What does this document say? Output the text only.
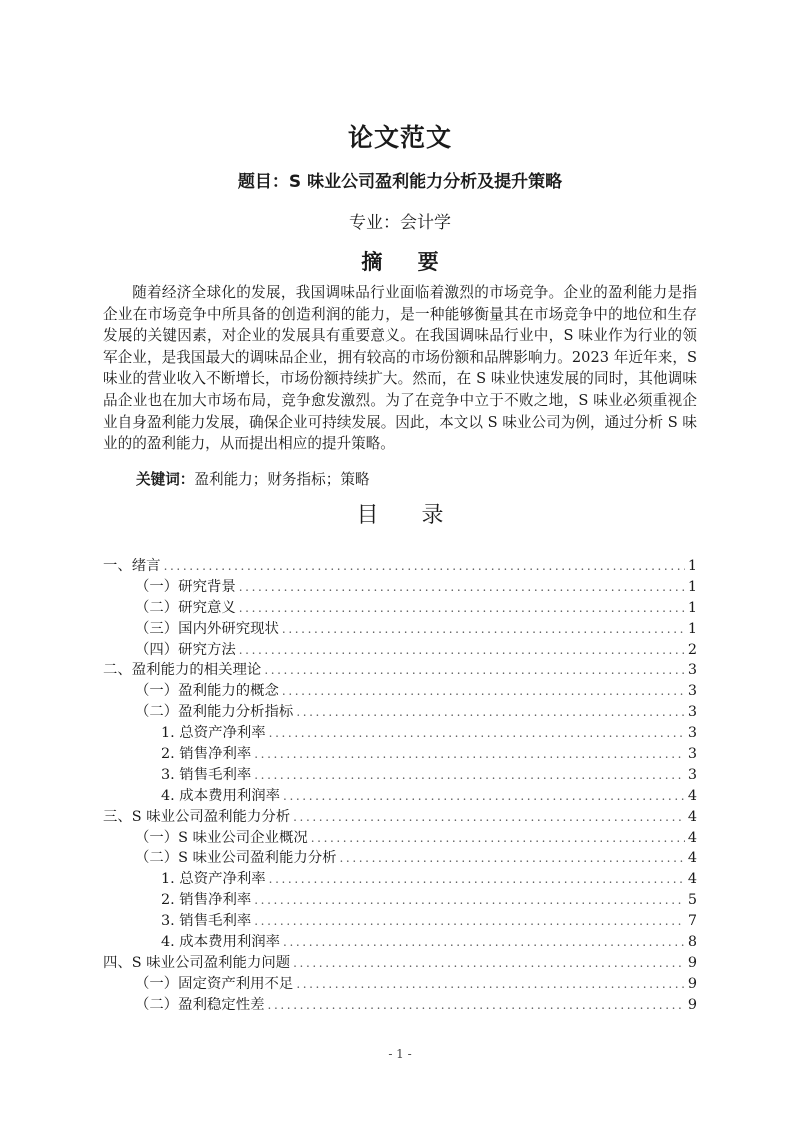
论文范文
题目：S 味业公司盈利能力分析及提升策略
专业：会计学
摘 要
随着经济全球化的发展，我国调味品行业面临着激烈的市场竞争。企业的盈利能力是指企业在市场竞争中所具备的创造利润的能力，是一种能够衡量其在市场竞争中的地位和生存发展的关键因素，对企业的发展具有重要意义。在我国调味品行业中，S 味业作为行业的领军企业，是我国最大的调味品企业，拥有较高的市场份额和品牌影响力。2023 年近年来，S 味业的营业收入不断增长，市场份额持续扩大。然而，在 S 味业快速发展的同时，其他调味品企业也在加大市场布局，竞争愈发激烈。为了在竞争中立于不败之地，S 味业必须重视企业自身盈利能力发展，确保企业可持续发展。因此，本文以 S 味业公司为例，通过分析 S 味业的的盈利能力，从而提出相应的提升策略。
关键词：盈利能力；财务指标；策略
目 录
一、绪言 .....	1
（一）研究背景 .....	1
（二）研究意义 .....	1
（三）国内外研究现状 .....	1
（四）研究方法 .....	2
二、盈利能力的相关理论 .....	3
（一）盈利能力的概念 .....	3
（二）盈利能力分析指标 .....	3
1. 总资产净利率 .....	3
2. 销售净利率 .....	3
3. 销售毛利率 .....	3
4. 成本费用利润率 .....	4
三、S 味业公司盈利能力分析 .....	4
（一）S 味业公司企业概况 .....	4
（二）S 味业公司盈利能力分析 .....	4
1. 总资产净利率 .....	4
2. 销售净利率 .....	5
3. 销售毛利率 .....	7
4. 成本费用利润率 .....	8
四、S 味业公司盈利能力问题 .....	9
（一）固定资产利用不足 .....	9
（二）盈利稳定性差 .....	9
- 1 -
